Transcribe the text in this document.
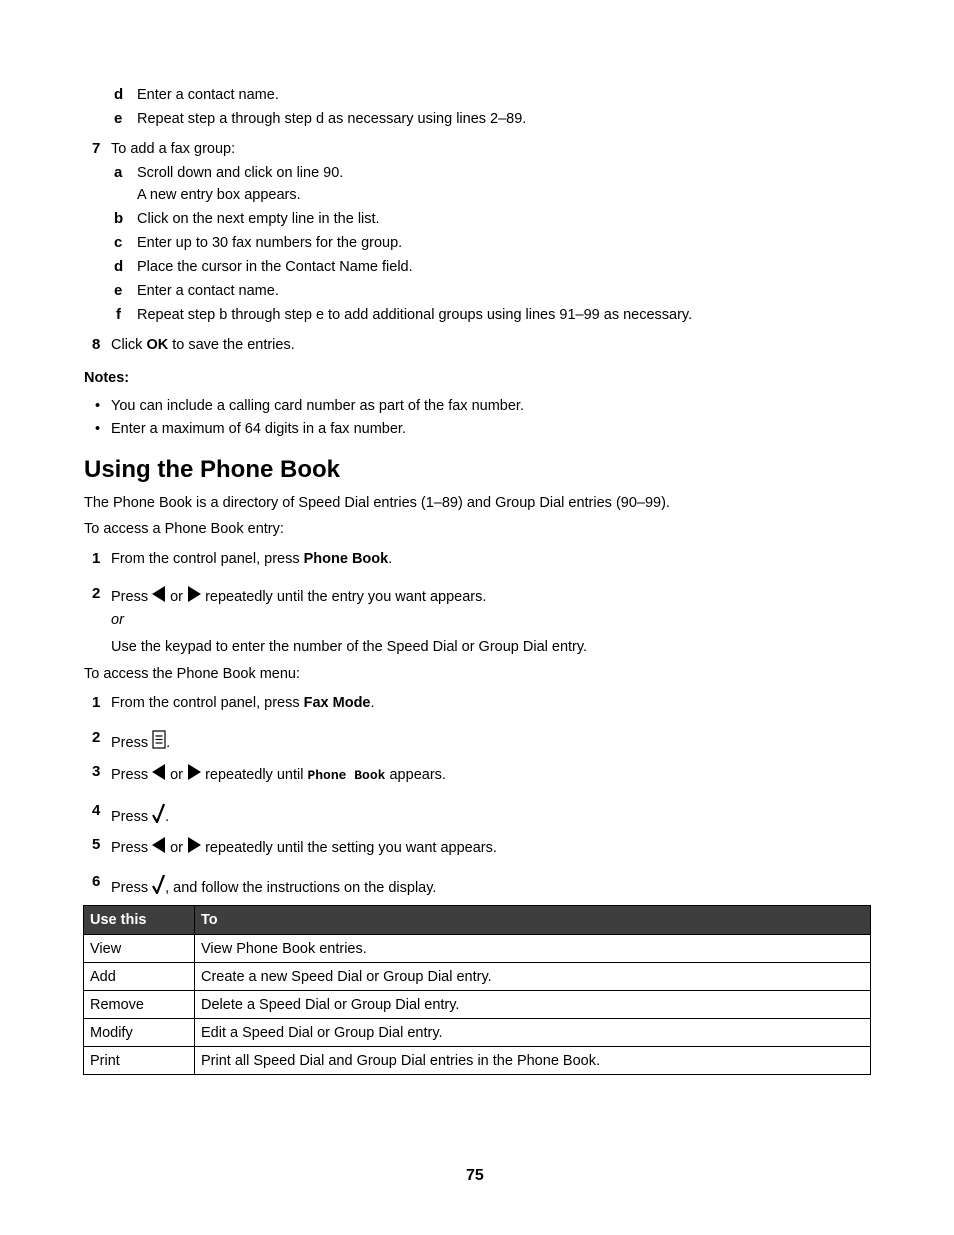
d Enter a contact name.
e Repeat step a through step d as necessary using lines 2–89.
7 To add a fax group:
a Scroll down and click on line 90.
A new entry box appears.
b Click on the next empty line in the list.
c Enter up to 30 fax numbers for the group.
d Place the cursor in the Contact Name field.
e Enter a contact name.
f Repeat step b through step e to add additional groups using lines 91–99 as necessary.
8 Click OK to save the entries.
Notes:
• You can include a calling card number as part of the fax number.
• Enter a maximum of 64 digits in a fax number.
Using the Phone Book
The Phone Book is a directory of Speed Dial entries (1–89) and Group Dial entries (90–99).
To access a Phone Book entry:
1 From the control panel, press Phone Book.
2 Press  or  repeatedly until the entry you want appears.
or
Use the keypad to enter the number of the Speed Dial or Group Dial entry.
To access the Phone Book menu:
1 From the control panel, press Fax Mode.
2 Press .
3 Press  or  repeatedly until Phone Book appears.
4 Press .
5 Press  or  repeatedly until the setting you want appears.
6 Press , and follow the instructions on the display.
Use this	To
View	View Phone Book entries.
Add	Create a new Speed Dial or Group Dial entry.
Remove	Delete a Speed Dial or Group Dial entry.
Modify	Edit a Speed Dial or Group Dial entry.
Print	Print all Speed Dial and Group Dial entries in the Phone Book.
75
